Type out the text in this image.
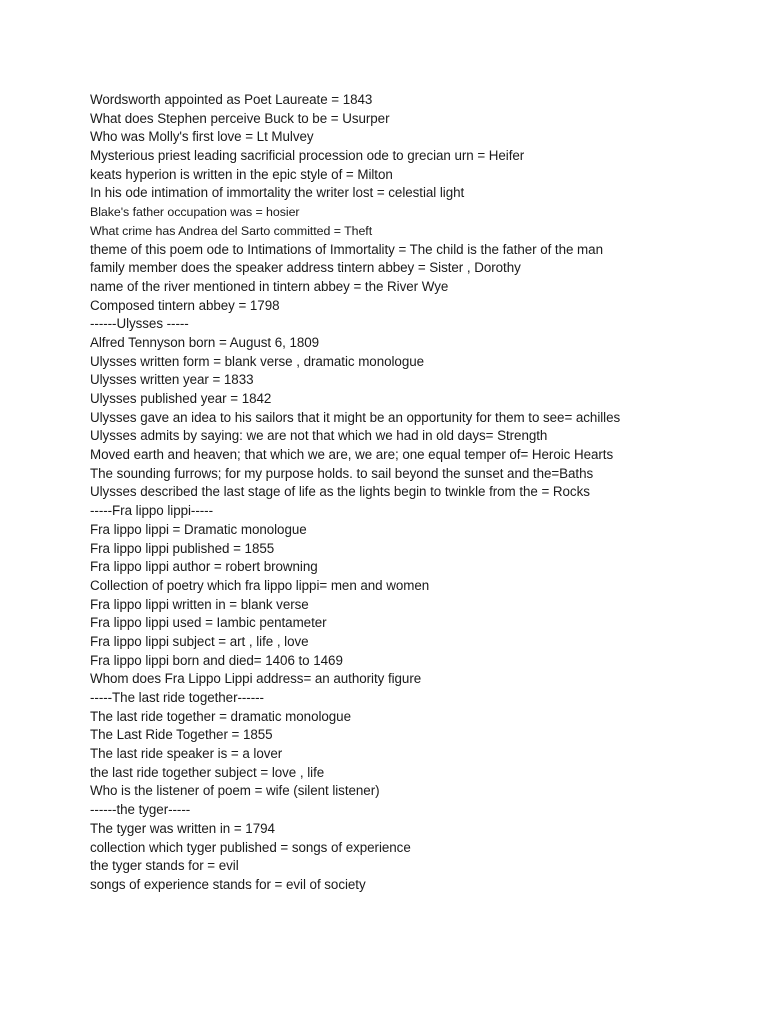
Wordsworth appointed as Poet Laureate = 1843
What does Stephen perceive Buck to be = Usurper
Who was Molly's first love = Lt Mulvey
Mysterious priest leading sacrificial procession ode to grecian urn = Heifer
keats hyperion is written in the epic style of = Milton
In his ode intimation of immortality the writer lost = celestial light
Blake's father occupation was = hosier
What crime has Andrea del Sarto committed = Theft
theme of this poem ode to Intimations of Immortality = The child is the father of the man
family member does the speaker address tintern abbey = Sister , Dorothy
name of the river mentioned in tintern abbey = the River Wye
Composed tintern abbey = 1798
------Ulysses -----
Alfred Tennyson born = August 6, 1809
Ulysses written form = blank verse , dramatic monologue
Ulysses written year = 1833
Ulysses published year = 1842
Ulysses gave an idea to his sailors that it might be an opportunity for them to see= achilles
Ulysses admits by saying: we are not that which we had in old days= Strength
Moved earth and heaven; that which we are, we are; one equal temper of= Heroic Hearts
The sounding furrows; for my purpose holds. to sail beyond the sunset and the=Baths
Ulysses described the last stage of life as the lights begin to twinkle from the = Rocks
-----Fra lippo lippi-----
Fra lippo lippi = Dramatic monologue
Fra lippo lippi published = 1855
Fra lippo lippi author = robert browning
Collection of poetry which fra lippo lippi= men and women
Fra lippo lippi written in = blank verse
Fra lippo lippi used = Iambic pentameter
Fra lippo lippi subject = art , life , love
Fra lippo lippi born and died= 1406 to 1469
Whom does Fra Lippo Lippi address= an authority figure
-----The last ride together------
The last ride together = dramatic monologue
The Last Ride Together = 1855
The last ride speaker is = a lover
the last ride together subject = love , life
Who is the listener of poem = wife (silent listener)
------the tyger-----
The tyger was written in = 1794
collection which tyger published = songs of experience
the tyger stands for = evil
songs of experience stands for = evil of society
